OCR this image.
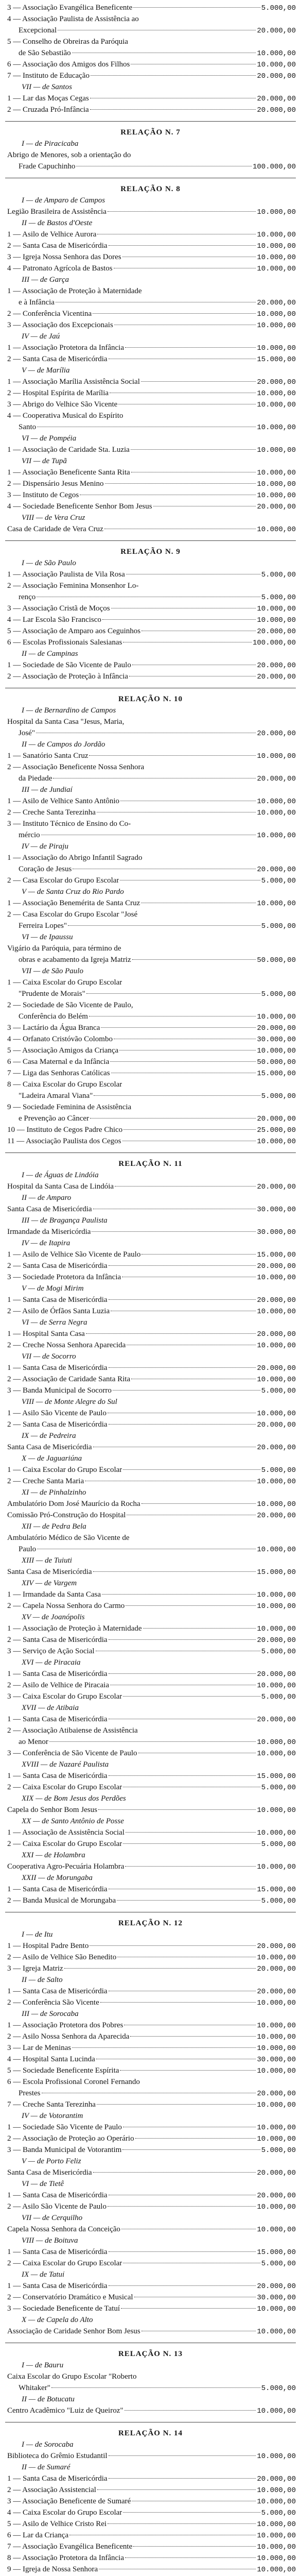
3 — Associação Evangélica Beneficente	5.000,00
4 — Associação Paulista de Assistência ao
Excepcional	20.000,00
5 — Conselho de Obreiras da Paróquia
de São Sebastião	10.000,00
6 — Associação dos Amigos dos Filhos	10.000,00
7 — Instituto de Educação	20.000,00
VII — de Santos
1 — Lar das Moças Cegas	20.000,00
2 — Cruzada Pró-Infância	20.000,00
RELAÇÃO N. 7
I — de Piracicaba
Abrigo de Menores, sob a orientação do
Frade Capuchinho	100.000,00
RELAÇÃO N. 8
I — de Amparo de Campos
Legião Brasileira de Assistência	10.000,00
II — de Bastos d'Oeste
1 — Asilo de Velhice Aurora	10.000,00
2 — Santa Casa de Misericórdia	10.000,00
3 — Igreja Nossa Senhora das Dores	10.000,00
4 — Patronato Agrícola de Bastos	10.000,00
III — de Garça
1 — Associação de Proteção à Maternidade
e à Infância	20.000,00
2 — Conferência Vicentina	10.000,00
3 — Associação dos Excepcionais	10.000,00
IV — de Jaú
1 — Associação Protetora da Infância	10.000,00
2 — Santa Casa de Misericórdia	15.000,00
V — de Marília
1 — Associação Marília Assistência Social	20.000,00
2 — Hospital Espírita de Marília	10.000,00
3 — Abrigo do Velhice São Vicente	10.000,00
4 — Cooperativa Musical do Espírito
Santo	10.000,00
VI — de Pompéia
1 — Associação de Caridade Sta. Luzia	10.000,00
VII — de Tupã
1 — Associação Beneficente Santa Rita	10.000,00
2 — Dispensário Jesus Menino	10.000,00
3 — Instituto de Cegos	10.000,00
4 — Sociedade Beneficente Senhor Bom Jesus	20.000,00
VIII — de Vera Cruz
Casa de Caridade de Vera Cruz	10.000,00
RELAÇÃO N. 9
I — de São Paulo
1 — Associação Paulista de Vila Rosa	5.000,00
2 — Associação Feminina Monsenhor Lo-
renço	5.000,00
3 — Associação Cristã de Moços	10.000,00
4 — Lar Escola São Francisco	10.000,00
5 — Associação de Amparo aos Ceguinhos	20.000,00
6 — Escolas Profissionais Salesianas	100.000,00
II — de Campinas
1 — Sociedade de São Vicente de Paulo	20.000,00
2 — Associação de Proteção à Infância	20.000,00
RELAÇÃO N. 10
I — de Bernardino de Campos
Hospital da Santa Casa "Jesus, Maria,
José"	20.000,00
II — de Campos do Jordão
1 — Sanatório Santa Cruz	10.000,00
2 — Associação Beneficente Nossa Senhora
da Piedade	20.000,00
III — de Jundiaí
1 — Asilo de Velhice Santo Antônio	10.000,00
2 — Creche Santa Terezinha	10.000,00
3 — Instituto Técnico de Ensino do Co-
mércio	10.000,00
IV — de Piraju
1 — Associação do Abrigo Infantil Sagrado
Coração de Jesus	20.000,00
2 — Casa Escolar do Grupo Escolar	5.000,00
V — de Santa Cruz do Rio Pardo
1 — Associação Benemérita de Santa Cruz	10.000,00
2 — Casa Escolar do Grupo Escolar "José
Ferreira Lopes"	5.000,00
VI — de Ipaussu
Vigário da Paróquia, para término de
obras e acabamento da Igreja Matriz	50.000,00
VII — de São Paulo
1 — Caixa Escolar do Grupo Escolar
"Prudente de Morais"	5.000,00
2 — Sociedade de São Vicente de Paulo,
Conferência do Belém	10.000,00
3 — Lactário da Água Branca	20.000,00
4 — Orfanato Cristóvão Colombo	30.000,00
5 — Associação Amigos da Criança	10.000,00
6 — Casa Maternal e da Infância	50.000,00
7 — Liga das Senhoras Católicas	15.000,00
8 — Caixa Escolar do Grupo Escolar
"Ladeira Amaral Viana"	5.000,00
9 — Sociedade Feminina de Assistência
e Prevenção ao Câncer	20.000,00
10 — Instituto de Cegos Padre Chico	25.000,00
11 — Associação Paulista dos Cegos	10.000,00
RELAÇÃO N. 11
I — de Águas de Lindóia
Hospital da Santa Casa de Lindóia	20.000,00
II — de Amparo
Santa Casa de Misericórdia	30.000,00
III — de Bragança Paulista
Irmandade da Misericórdia	30.000,00
IV — de Itapira
1 — Asilo de Velhice São Vicente de Paulo	15.000,00
2 — Santa Casa de Misericórdia	20.000,00
3 — Sociedade Protetora da Infância	10.000,00
V — de Mogi Mirim
1 — Santa Casa de Misericórdia	20.000,00
2 — Asilo de Órfãos Santa Luzia	10.000,00
VI — de Serra Negra
1 — Hospital Santa Casa	20.000,00
2 — Creche Nossa Senhora Aparecida	10.000,00
VII — de Socorro
1 — Santa Casa de Misericórdia	20.000,00
2 — Associação de Caridade Santa Rita	10.000,00
3 — Banda Municipal de Socorro	5.000,00
VIII — de Monte Alegre do Sul
1 — Asilo São Vicente de Paulo	10.000,00
2 — Santa Casa de Misericórdia	20.000,00
IX — de Pedreira
Santa Casa de Misericórdia	20.000,00
X — de Jaguariúna
1 — Caixa Escolar do Grupo Escolar	5.000,00
2 — Creche Santa Maria	10.000,00
XI — de Pinhalzinho
Ambulatório Dom José Maurício da Rocha	10.000,00
Comissão Pró-Construção do Hospital	20.000,00
XII — de Pedra Bela
Ambulatório Médico de São Vicente de
Paulo	10.000,00
XIII — de Tuiuti
Santa Casa de Misericórdia	15.000,00
XIV — de Vargem
1 — Irmandade da Santa Casa	10.000,00
2 — Capela Nossa Senhora do Carmo	10.000,00
XV — de Joanópolis
1 — Associação de Proteção à Maternidade	10.000,00
2 — Santa Casa de Misericórdia	20.000,00
3 — Serviço de Ação Social	5.000,00
XVI — de Piracaia
1 — Santa Casa de Misericórdia	20.000,00
2 — Asilo de Velhice de Piracaia	10.000,00
3 — Caixa Escolar do Grupo Escolar	5.000,00
XVII — de Atibaia
1 — Santa Casa de Misericórdia	20.000,00
2 — Associação Atibaiense de Assistência
ao Menor	10.000,00
3 — Conferência de São Vicente de Paulo	10.000,00
XVIII — de Nazaré Paulista
1 — Santa Casa de Misericórdia	15.000,00
2 — Caixa Escolar do Grupo Escolar	5.000,00
XIX — de Bom Jesus dos Perdões
Capela do Senhor Bom Jesus	10.000,00
XX — de Santo Antônio de Posse
1 — Associação de Assistência Social	10.000,00
2 — Caixa Escolar do Grupo Escolar	5.000,00
XXI — de Holambra
Cooperativa Agro-Pecuária Holambra	10.000,00
XXII — de Morungaba
1 — Santa Casa de Misericórdia	15.000,00
2 — Banda Musical de Morungaba	5.000,00
RELAÇÃO N. 12
I — de Itu
1 — Hospital Padre Bento	20.000,00
2 — Asilo de Velhice São Benedito	10.000,00
3 — Igreja Matriz	20.000,00
II — de Salto
1 — Santa Casa de Misericórdia	20.000,00
2 — Conferência São Vicente	10.000,00
III — de Sorocaba
1 — Associação Protetora dos Pobres	10.000,00
2 — Asilo Nossa Senhora da Aparecida	10.000,00
3 — Lar de Meninas	10.000,00
4 — Hospital Santa Lucinda	30.000,00
5 — Sociedade Beneficente Espírita	10.000,00
6 — Escola Profissional Coronel Fernando
Prestes	20.000,00
7 — Creche Santa Terezinha	10.000,00
IV — de Votorantim
1 — Sociedade São Vicente de Paulo	10.000,00
2 — Associação de Proteção ao Operário	10.000,00
3 — Banda Municipal de Votorantim	5.000,00
V — de Porto Feliz
Santa Casa de Misericórdia	20.000,00
VI — de Tietê
1 — Santa Casa de Misericórdia	20.000,00
2 — Asilo São Vicente de Paulo	10.000,00
VII — de Cerquilho
Capela Nossa Senhora da Conceição	10.000,00
VIII — de Boituva
1 — Santa Casa de Misericórdia	15.000,00
2 — Caixa Escolar do Grupo Escolar	5.000,00
IX — de Tatuí
1 — Santa Casa de Misericórdia	20.000,00
2 — Conservatório Dramático e Musical	30.000,00
3 — Sociedade Beneficente de Tatuí	10.000,00
X — de Capela do Alto
Associação de Caridade Senhor Bom Jesus	10.000,00
RELAÇÃO N. 13
I — de Bauru
Caixa Escolar do Grupo Escolar "Roberto
Whitaker"	5.000,00
II — de Botucatu
Centro Acadêmico "Luiz de Queiroz"	10.000,00
RELAÇÃO N. 14
I — de Sorocaba
Biblioteca do Grêmio Estudantil	10.000,00
II — de Sumaré
1 — Santa Casa de Misericórdia	20.000,00
2 — Associação Assistencial	10.000,00
3 — Associação Beneficente de Sumaré	10.000,00
4 — Caixa Escolar do Grupo Escolar	5.000,00
5 — Asilo de Velhice Cristo Rei	10.000,00
6 — Lar da Criança	10.000,00
7 — Associação Evangélica Beneficente	10.000,00
8 — Associação Protetora da Infância	10.000,00
9 — Igreja de Nossa Senhora	10.000,00
